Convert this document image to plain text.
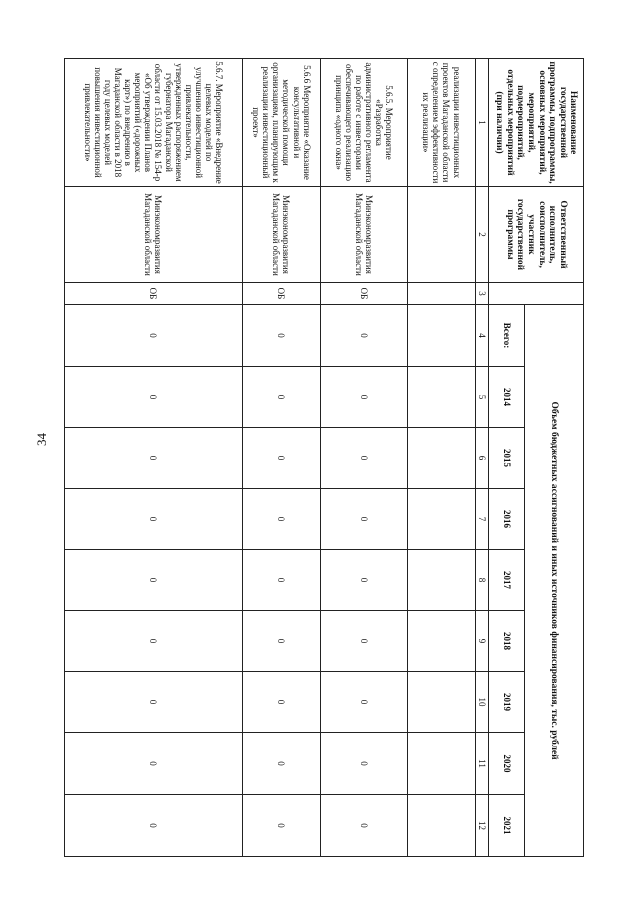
34
Наименование государственной программы, подпрограммы, основных мероприятий, мероприятий, подмероприятий, отдельных мероприятий (при наличии)	Ответственный исполнитель, соисполнитель, участник государственной программы		Объем бюджетных ассигнований и иных источников финансирования, тыс. рублей								
			Всего:	2014	2015	2016	2017	2018	2019	2020	2021
1	2	3	4	5	6	7	8	9	10	11	12
реализации инвестиционных проектов Магаданской области с определением эффективности их реализации»											
5.6.5. Мероприятие «Разработка административного регламента по работе с инвесторами обеспечивающего реализацию принципа «одного окна»	Минэкономразвития Магаданской области	ОБ	0	0	0	0	0	0	0	0	0
5.6.6 Мероприятие «Оказание консультативной и методической помощи организациям, планирующим к реализации инвестиционный проект»	Минэкономразвития Магаданской области	ОБ	0	0	0	0	0	0	0	0	0
5.6.7. Мероприятие «Внедрение целевых моделей по улучшению инвестиционной привлекательности, утвержденных распоряжением губернатора Магаданской области от 15.03.2018 № 154-р «Об утверждении Планов мероприятий («дорожных карт») по внедрению в Магаданской области в 2018 году целевых моделей повышения инвестиционной привлекательности»	Минэкономразвития Магаданской области	ОБ	0	0	0	0	0	0	0	0	0
